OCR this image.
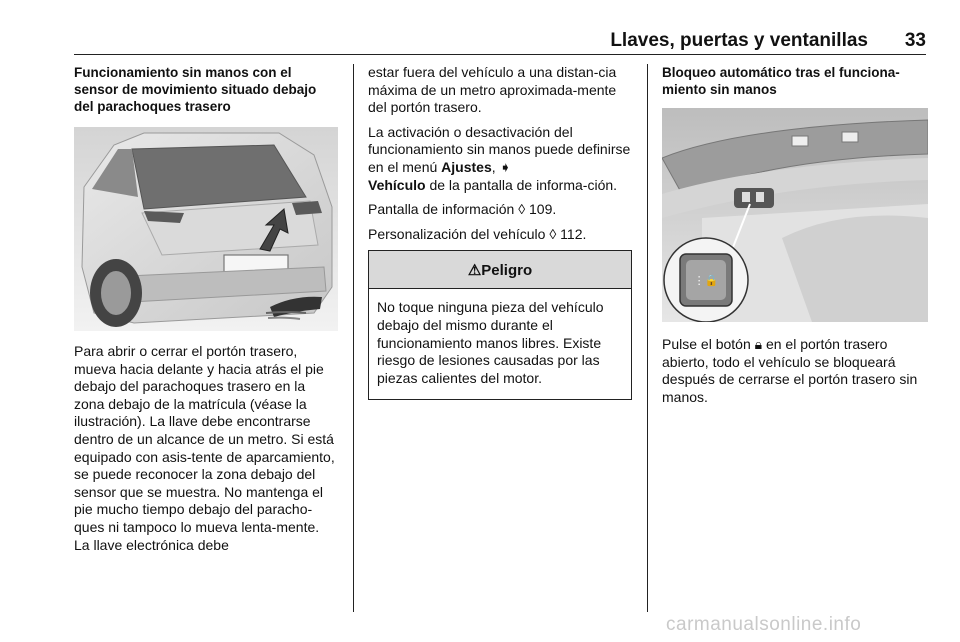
Llaves, puertas y ventanillas 33

Funcionamiento sin manos con el sensor de movimiento situado debajo del parachoques trasero

Para abrir o cerrar el portón trasero, mueva hacia delante y hacia atrás el pie debajo del parachoques trasero en la zona debajo de la matrícula (véase la ilustración). La llave debe encontrarse dentro de un alcance de un metro. Si está equipado con asis-tente de aparcamiento, se puede reconocer la zona debajo del sensor que se muestra. No mantenga el pie mucho tiempo debajo del paracho-ques ni tampoco lo mueva lenta-mente. La llave electrónica debe

estar fuera del vehículo a una distan-cia máxima de un metro aproximada-mente del portón trasero.

La activación o desactivación del funcionamiento sin manos puede definirse en el menú Ajustes, ➧
Vehículo de la pantalla de informa-ción.

Pantalla de información ◊ 109.

Personalización del vehículo ◊ 112.

⚠Peligro
No toque ninguna pieza del vehículo debajo del mismo durante el funcionamiento manos libres. Existe riesgo de lesiones causadas por las piezas calientes del motor.

Bloqueo automático tras el funciona-miento sin manos

⋮🔒

Pulse el botón 🔒︎ en el portón trasero abierto, todo el vehículo se bloqueará después de cerrarse el portón trasero sin manos.

carmanualsonline.info
